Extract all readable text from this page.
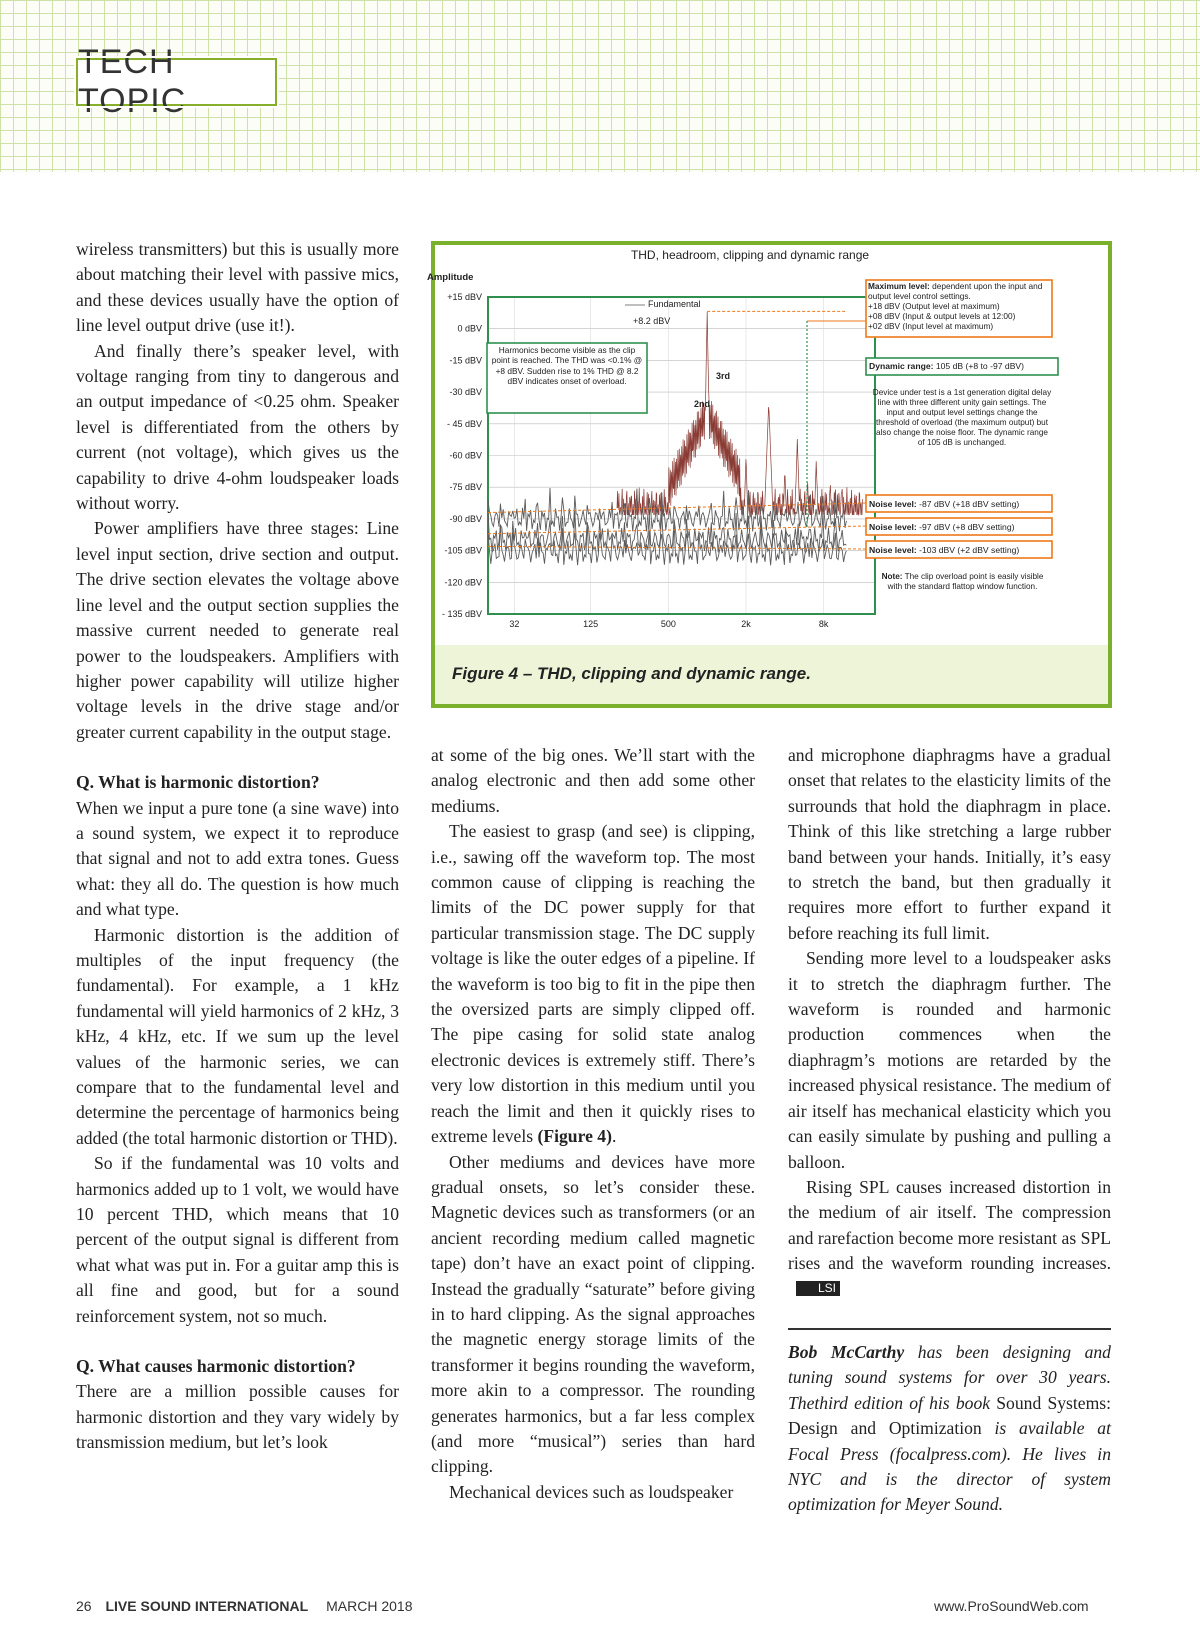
TECH TOPIC

wireless transmitters) but this is usually more about matching their level with passive mics, and these devices usually have the option of line level output drive (use it!).

And finally there’s speaker level, with voltage ranging from tiny to dangerous and an output impedance of <0.25 ohm. Speaker level is differentiated from the others by current (not voltage), which gives us the capability to drive 4-ohm loudspeaker loads without worry.

Power amplifiers have three stages: Line level input section, drive section and output. The drive section elevates the voltage above line level and the output section supplies the massive current needed to generate real power to the loudspeakers. Amplifiers with higher power capability will utilize higher voltage levels in the drive stage and/or greater current capability in the output stage.

Q. What is harmonic distortion?

When we input a pure tone (a sine wave) into a sound system, we expect it to reproduce that signal and not to add extra tones. Guess what: they all do. The question is how much and what type.

Harmonic distortion is the addition of multiples of the input frequency (the fundamental). For example, a 1 kHz fundamental will yield harmonics of 2 kHz, 3 kHz, 4 kHz, etc. If we sum up the level values of the harmonic series, we can compare that to the fundamental level and determine the percentage of harmonics being added (the total harmonic distortion or THD).

So if the fundamental was 10 volts and harmonics added up to 1 volt, we would have 10 percent THD, which means that 10 percent of the output signal is different from what what was put in. For a guitar amp this is all fine and good, but for a sound reinforcement system, not so much.

Q. What causes harmonic distortion?

There are a million possible causes for harmonic distortion and they vary widely by transmission medium, but let’s look

THD, headroom, clipping and dynamic range
Amplitude
+15 dBV
0 dBV
-15 dBV
-30 dBV
- 45 dBV
-60 dBV
-75 dBV
-90 dBV
-105 dBV
-120 dBV
- 135 dBV
32	125	500	2k	8k
Fundamental
+8.2 dBV
2nd
3rd
Harmonics become visible as the clip point is reached. The THD was <0.1% @ +8 dBV. Sudden rise to 1% THD @ 8.2 dBV indicates onset of overload.
Maximum level: dependent upon the input and output level control settings.
+18 dBV (Output level at maximum)
+08 dBV (Input & output levels at 12:00)
+02 dBV (Input level at maximum)
Dynamic range: 105 dB (+8 to -97 dBV)
Device under test is a 1st generation digital delay line with three different unity gain settings. The input and output level settings change the threshold of overload (the maximum output) but also change the noise floor. The dynamic range of 105 dB is unchanged.
Noise level: -87 dBV (+18 dBV setting)
Noise level: -97 dBV (+8 dBV setting)
Noise level: -103 dBV (+2 dBV setting)
Note: The clip overload point is easily visible with the standard flattop window function.
Figure 4 – THD, clipping and dynamic range.

at some of the big ones. We’ll start with the analog electronic and then add some other mediums.

The easiest to grasp (and see) is clipping, i.e., sawing off the waveform top. The most common cause of clipping is reaching the limits of the DC power supply for that particular transmission stage. The DC supply voltage is like the outer edges of a pipeline. If the waveform is too big to fit in the pipe then the oversized parts are simply clipped off. The pipe casing for solid state analog electronic devices is extremely stiff. There’s very low distortion in this medium until you reach the limit and then it quickly rises to extreme levels (Figure 4).

Other mediums and devices have more gradual onsets, so let’s consider these. Magnetic devices such as transformers (or an ancient recording medium called magnetic tape) don’t have an exact point of clipping. Instead the gradually “saturate” before giving in to hard clipping. As the signal approaches the magnetic energy storage limits of the transformer it begins rounding the waveform, more akin to a compressor. The rounding generates harmonics, but a far less complex (and more “musical”) series than hard clipping.

Mechanical devices such as loudspeaker

and microphone diaphragms have a gradual onset that relates to the elasticity limits of the surrounds that hold the diaphragm in place. Think of this like stretching a large rubber band between your hands. Initially, it’s easy to stretch the band, but then gradually it requires more effort to further expand it before reaching its full limit.

Sending more level to a loudspeaker asks it to stretch the diaphragm further. The waveform is rounded and harmonic production commences when the diaphragm’s motions are retarded by the increased physical resistance. The medium of air itself has mechanical elasticity which you can easily simulate by pushing and pulling a balloon.

Rising SPL causes increased distortion in the medium of air itself. The compression and rarefaction become more resistant as SPL rises and the waveform rounding increases.LSI

Bob McCarthy has been designing and tuning sound systems for over 30 years. Thethird edition of his book Sound Systems: Design and Optimization is available at Focal Press (focalpress.com). He lives in NYC and is the director of system optimization for Meyer Sound.

26 LIVE SOUND INTERNATIONAL MARCH 2018	www.ProSoundWeb.com
